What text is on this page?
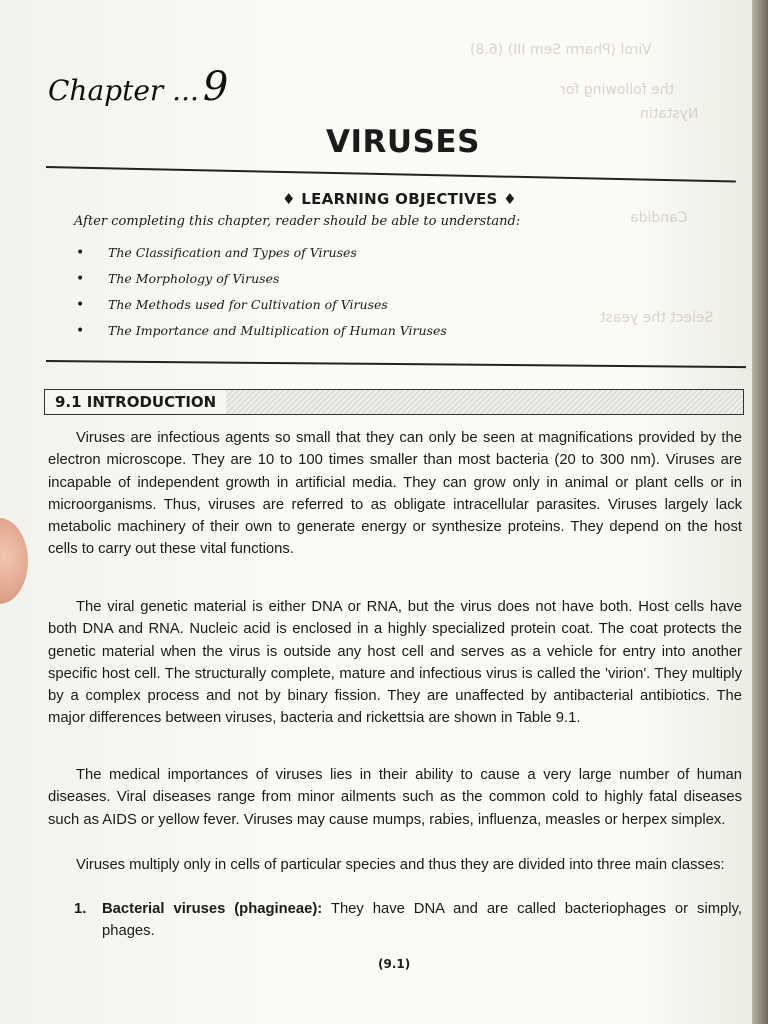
Virol (Pharm Sem III) (6.8)
the following for
Nystatin
Candida
Select the yeast
Chapter ... 9
VIRUSES
♦ LEARNING OBJECTIVES ♦
After completing this chapter, reader should be able to understand:
• The Classification and Types of Viruses
• The Morphology of Viruses
• The Methods used for Cultivation of Viruses
• The Importance and Multiplication of Human Viruses
9.1 INTRODUCTION

Viruses are infectious agents so small that they can only be seen at magnifications provided by the electron microscope. They are 10 to 100 times smaller than most bacteria (20 to 300 nm). Viruses are incapable of independent growth in artificial media. They can grow only in animal or plant cells or in microorganisms. Thus, viruses are referred to as obligate intracellular parasites. Viruses largely lack metabolic machinery of their own to generate energy or synthesize proteins. They depend on the host cells to carry out these vital functions.

The viral genetic material is either DNA or RNA, but the virus does not have both. Host cells have both DNA and RNA. Nucleic acid is enclosed in a highly specialized protein coat. The coat protects the genetic material when the virus is outside any host cell and serves as a vehicle for entry into another specific host cell. The structurally complete, mature and infectious virus is called the 'virion'. They multiply by a complex process and not by binary fission. They are unaffected by antibacterial antibiotics. The major differences between viruses, bacteria and rickettsia are shown in Table 9.1.

The medical importances of viruses lies in their ability to cause a very large number of human diseases. Viral diseases range from minor ailments such as the common cold to highly fatal diseases such as AIDS or yellow fever. Viruses may cause mumps, rabies, influenza, measles or herpex simplex.

Viruses multiply only in cells of particular species and thus they are divided into three main classes:

1. Bacterial viruses (phagineae): They have DNA and are called bacteriophages or simply, phages.
(9.1)
